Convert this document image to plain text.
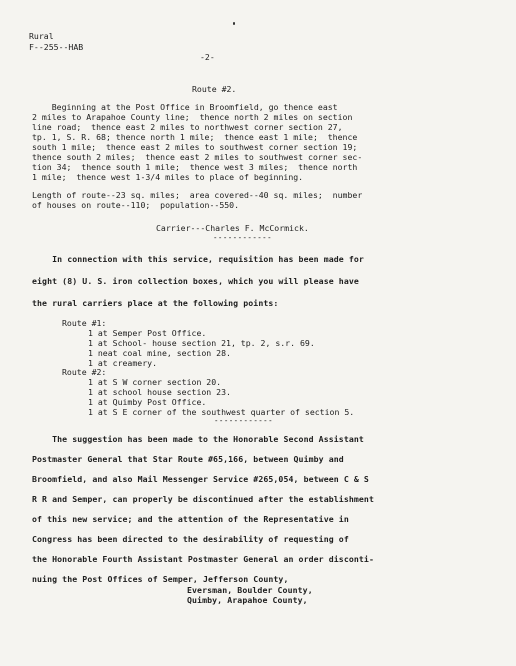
Rural
F--255--HAB
-2-
Route #2.
Beginning at the Post Office in Broomfield, go thence east
2 miles to Arapahoe County line;  thence north 2 miles on section
line road;  thence east 2 miles to northwest corner section 27,
tp. 1, S. R. 68; thence north 1 mile;  thence east 1 mile;  thence
south 1 mile;  thence east 2 miles to southwest corner section 19;
thence south 2 miles;  thence east 2 miles to southwest corner sec-
tion 34;  thence south 1 mile;  thence west 3 miles;  thence north
1 mile;  thence west 1-3/4 miles to place of beginning.
Length of route--23 sq. miles;  area covered--40 sq. miles;  number
of houses on route--110;  population--550.
Carrier---Charles F. McCormick.
------------
In connection with this service, requisition has been made for
eight (8) U. S. iron collection boxes, which you will please have
the rural carriers place at the following points:
Route #1:
1 at Semper Post Office.
1 at School- house section 21, tp. 2, s.r. 69.
1 neat coal mine, section 28.
1 at creamery.
Route #2:
1 at S W corner section 20.
1 at school house section 23.
1 at Quimby Post Office.
1 at S E corner of the southwest quarter of section 5.
------------
The suggestion has been made to the Honorable Second Assistant
Postmaster General that Star Route #65,166, between Quimby and
Broomfield, and also Mail Messenger Service #265,054, between C & S
R R and Semper, can properly be discontinued after the establishment
of this new service; and the attention of the Representative in
Congress has been directed to the desirability of requesting of
the Honorable Fourth Assistant Postmaster General an order disconti-
nuing the Post Offices of Semper, Jefferson County,
Eversman, Boulder County,
Quimby, Arapahoe County,
